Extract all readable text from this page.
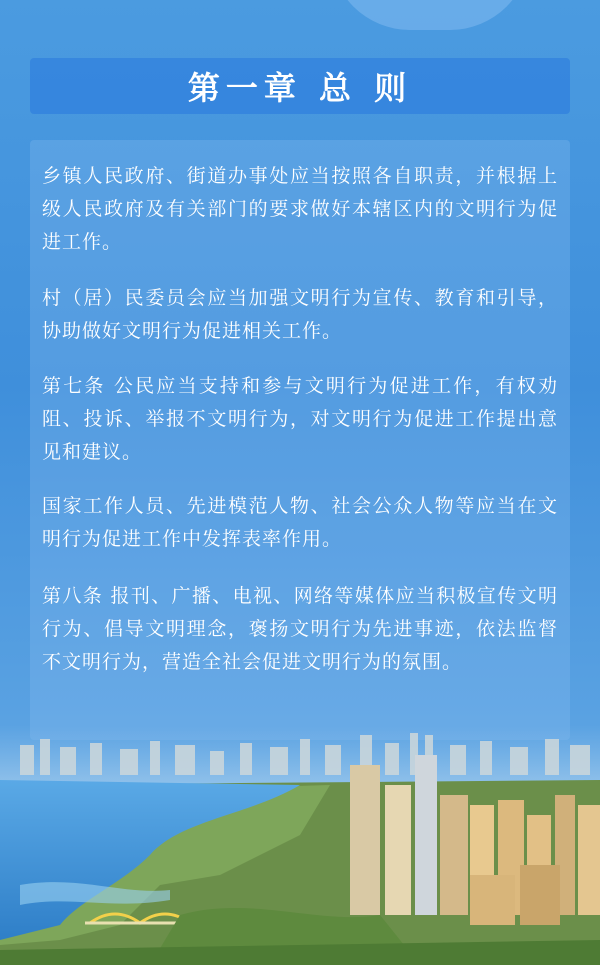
第一章 总 则

乡镇人民政府、街道办事处应当按照各自职责，并根据上级人民政府及有关部门的要求做好本辖区内的文明行为促进工作。

村（居）民委员会应当加强文明行为宣传、教育和引导，协助做好文明行为促进相关工作。

第七条 公民应当支持和参与文明行为促进工作，有权劝阻、投诉、举报不文明行为，对文明行为促进工作提出意见和建议。

国家工作人员、先进模范人物、社会公众人物等应当在文明行为促进工作中发挥表率作用。

第八条 报刊、广播、电视、网络等媒体应当积极宣传文明行为、倡导文明理念，褒扬文明行为先进事迹，依法监督不文明行为，营造全社会促进文明行为的氛围。
